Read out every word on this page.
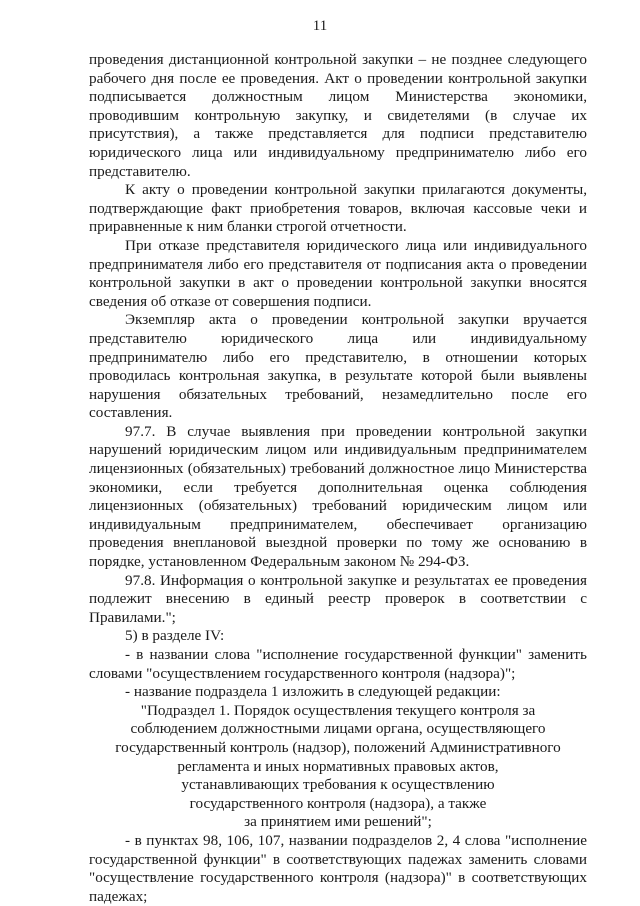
11

проведения дистанционной контрольной закупки – не позднее следующего рабочего дня после ее проведения. Акт о проведении контрольной закупки подписывается должностным лицом Министерства экономики, проводившим контрольную закупку, и свидетелями (в случае их присутствия), а также представляется для подписи представителю юридического лица или индивидуальному предпринимателю либо его представителю.

К акту о проведении контрольной закупки прилагаются документы, подтверждающие факт приобретения товаров, включая кассовые чеки и приравненные к ним бланки строгой отчетности.

При отказе представителя юридического лица или индивидуального предпринимателя либо его представителя от подписания акта о проведении контрольной закупки в акт о проведении контрольной закупки вносятся сведения об отказе от совершения подписи.

Экземпляр акта о проведении контрольной закупки вручается представителю юридического лица или индивидуальному предпринимателю либо его представителю, в отношении которых проводилась контрольная закупка, в результате которой были выявлены нарушения обязательных требований, незамедлительно после его составления.

97.7. В случае выявления при проведении контрольной закупки нарушений юридическим лицом или индивидуальным предпринимателем лицензионных (обязательных) требований должностное лицо Министерства экономики, если требуется дополнительная оценка соблюдения лицензионных (обязательных) требований юридическим лицом или индивидуальным предпринимателем, обеспечивает организацию проведения внеплановой выездной проверки по тому же основанию в порядке, установленном Федеральным законом № 294-ФЗ.

97.8. Информация о контрольной закупке и результатах ее проведения подлежит внесению в единый реестр проверок в соответствии с Правилами.";

5) в разделе IV:

- в названии слова "исполнение государственной функции" заменить словами "осуществлением государственного контроля (надзора)";

- название подраздела 1 изложить в следующей редакции:

"Подраздел 1. Порядок осуществления текущего контроля за
соблюдением должностными лицами органа, осуществляющего
государственный контроль (надзор), положений Административного
регламента и иных нормативных правовых актов,
устанавливающих требования к осуществлению
государственного контроля (надзора), а также
за принятием ими решений";

- в пунктах 98, 106, 107, названии подразделов 2, 4 слова "исполнение государственной функции" в соответствующих падежах заменить словами "осуществление государственного контроля (надзора)" в соответствующих падежах;
